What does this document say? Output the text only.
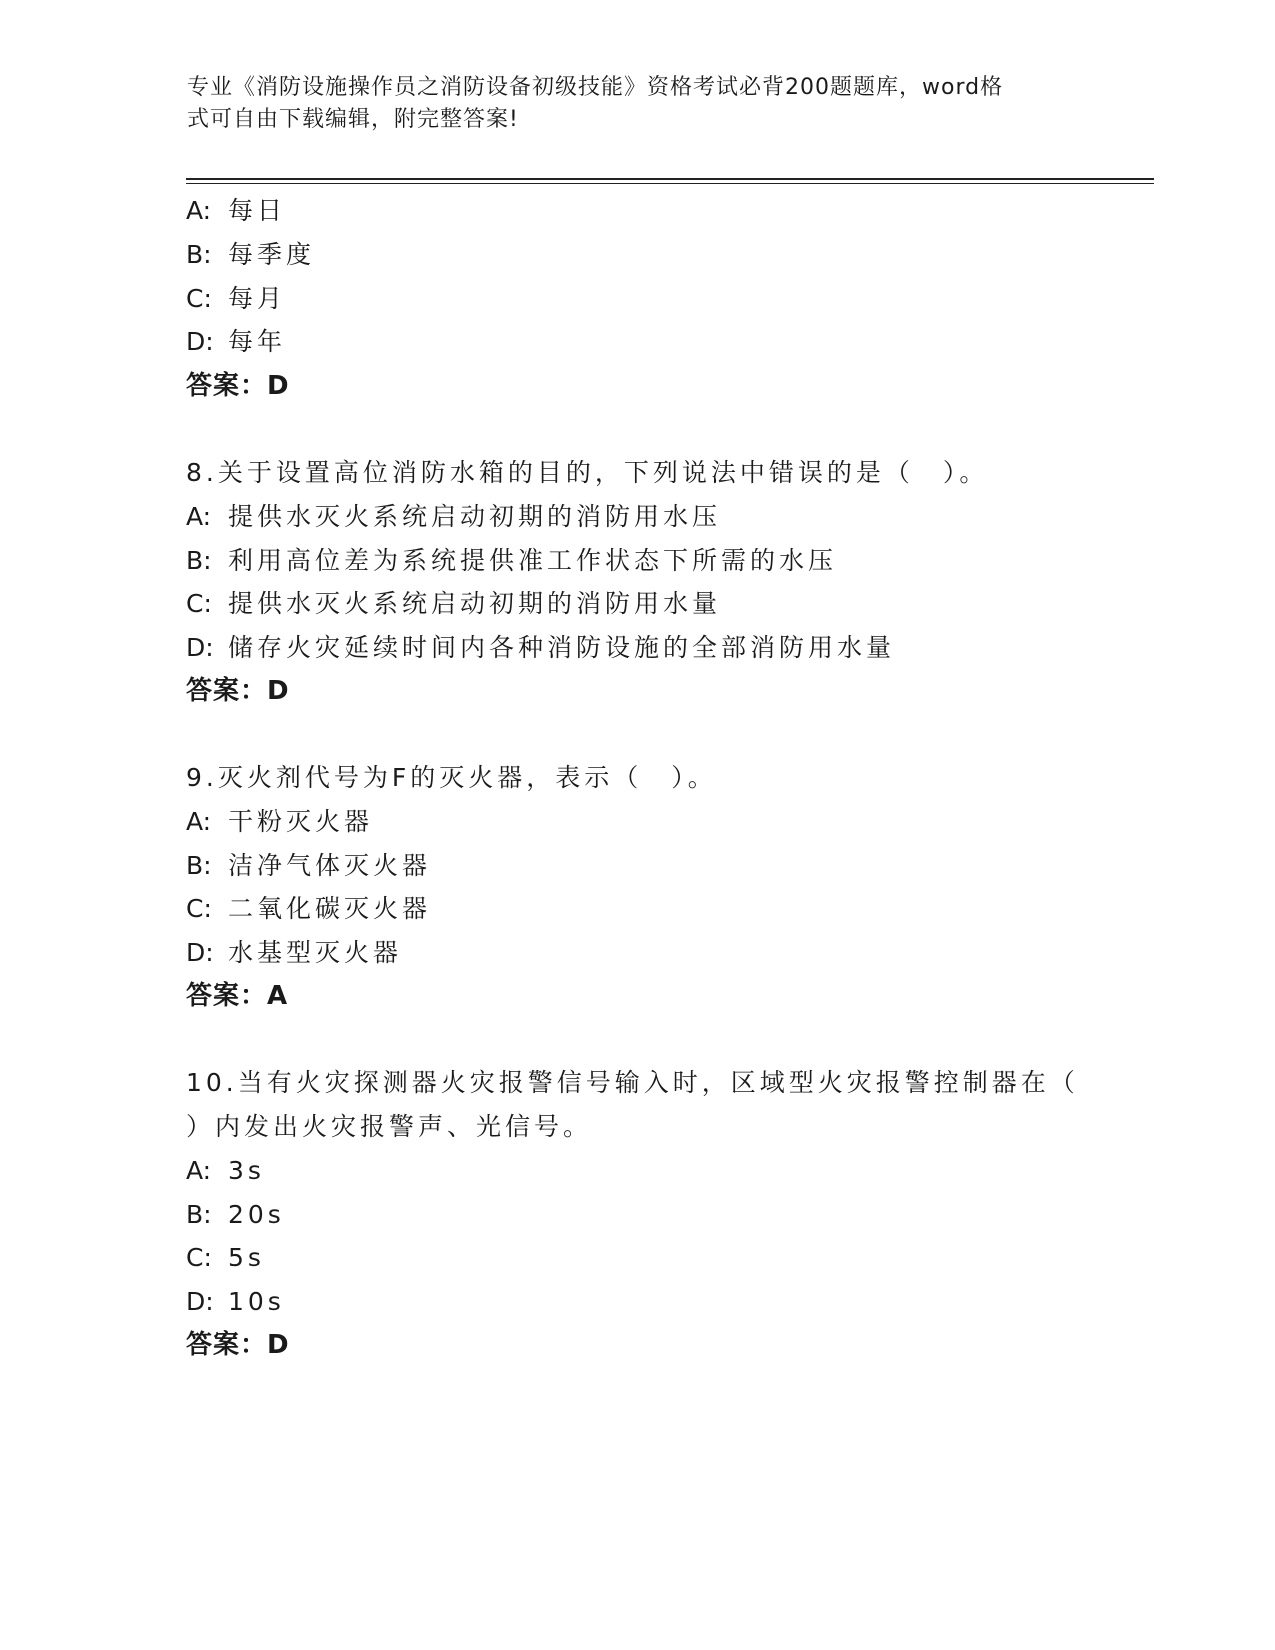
专业《消防设施操作员之消防设备初级技能》资格考试必背200题题库，word格
式可自由下载编辑，附完整答案!
A: 每日
B: 每季度
C: 每月
D: 每年
答案：D
8.关于设置高位消防水箱的目的，下列说法中错误的是（　）。
A: 提供水灭火系统启动初期的消防用水压
B: 利用高位差为系统提供准工作状态下所需的水压
C: 提供水灭火系统启动初期的消防用水量
D: 储存火灾延续时间内各种消防设施的全部消防用水量
答案：D
9.灭火剂代号为F的灭火器，表示（　）。
A: 干粉灭火器
B: 洁净气体灭火器
C: 二氧化碳灭火器
D: 水基型灭火器
答案：A
10.当有火灾探测器火灾报警信号输入时，区域型火灾报警控制器在（
）内发出火灾报警声、光信号。
A: 3s
B: 20s
C: 5s
D: 10s
答案：D
